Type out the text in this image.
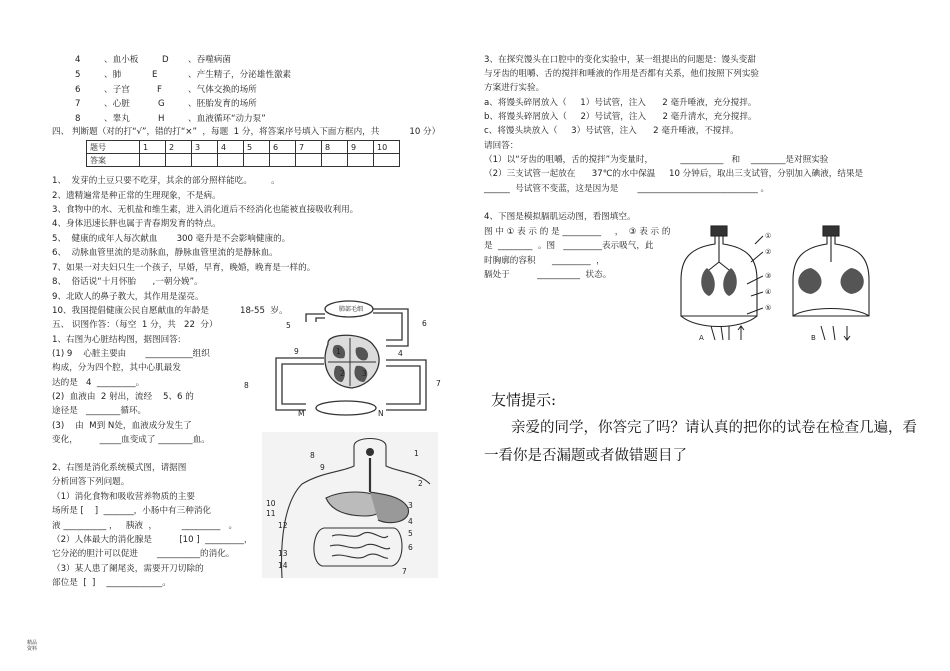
4	、血小板	D 、吞噬病菌
5	、肺	E	、产生精子，分泌雄性激素
6	、子宫	F	、气体交换的场所
7	、心脏	G	、胚胎发育的场所
8	、睾丸	H	、血液循环“动力泵”
四、 判断题（对的打“√”，错的打“×”  ，每题  1 分，将答案序号填入下面方框内，共           10 分）
题号	1	2	3	4	5	6	7	8	9	10
答案										
1、  发芽的土豆只要不吃芽，其余的部分照样能吃。       。
2、遗精遍常是种正常的生理现象，不是病。
3、食物中的水、无机盐和维生素，进入消化道后不经消化也能被直接吸收利用。
4、身体迅速长胖也属于青春期发育的特点。
5、  健康的成年人每次献血       300 毫升是不会影响健康的。
6、  动脉血管里流的是动脉血，静脉血管里流的是静脉血。
7、如果一对夫妇只生一个孩子，早婚，早育，晚婚，晚育是一样的。
8、  俗话说“十月怀胎      ,一朝分娩”。
9、北欧人的鼻子教大，其作用是湿亮。
10、我国提倡健康公民自愿献血的年龄是	18-55  岁。
五、 识图作答：（每空  1 分，共   22  分）
1、右图为心脏结构图，据图回答:
(1) 9    心脏主要由       ___________组织
构成，分为四个腔，其中心肌最发
达的是   4  _________。
(2)  血液由  2 射出，流经    5、6 的
途径是   ________循环。
(3)    由  M到 N处，血液成分发生了
变化，        _____血变成了 ________血。
2、右图是消化系统模式图，请据图
分析回答下列问题。
（1）消化食物和吸收营养物质的主要
场所是 [    ]  _______，小肠中有三种消化
液 __________ ，   胰液  ，         _________   。
（2）人体最大的消化腺是          [10 ]  _________，
它分泌的胆汁可以促进       __________的消化。
（3）某人患了阑尾炎，需要开刀切除的
部位是  [  ]    _____________。
精品
资料
肺部毛细
5	6
4
8	7
1
2 3
M	N
9
8
9
1
2
3
4
5
6
7
10
11
12
13
14
3、在探究馒头在口腔中的变化实验中，某一组提出的问题是：馒头变甜
与牙齿的咀嚼、舌的搅拌和唾液的作用是否都有关系，他们按照下列实验
方案进行实验。
a、将馒头碎屑放入（     1）号试管，注入      2 毫升唾液，充分搅拌。
b、将馒头碎屑放入（     2）号试管，注入      2 毫升清水，充分搅拌。
c、将馒头块放入（     3）号试管，注入      2 毫升唾液，不搅拌。
请回答：
（1）以“牙齿的咀嚼，舌的搅拌”为变量时，          __________   和    ________是对照实验
（2）三支试管一起放在      37℃的水中保温     10 分钟后，取出三支试管，分别加入碘液，结果是
______  号试管不变蓝，这是因为是       ____________________________ 。
4、下图是模拟膈肌运动图，看图填空。
图 中 ① 表 示 的 是 _________     ，  ③ 表 示 的
是  ________  。图   _________表示吸气，此
时胸廓的容积      _________  ，
膈处于          __________  状态。
①
②
③
④
⑤
A	B
友情提示:
亲爱的同学，你答完了吗？请认真的把你的试卷在检查几遍，看
一看你是否漏题或者做错题目了
